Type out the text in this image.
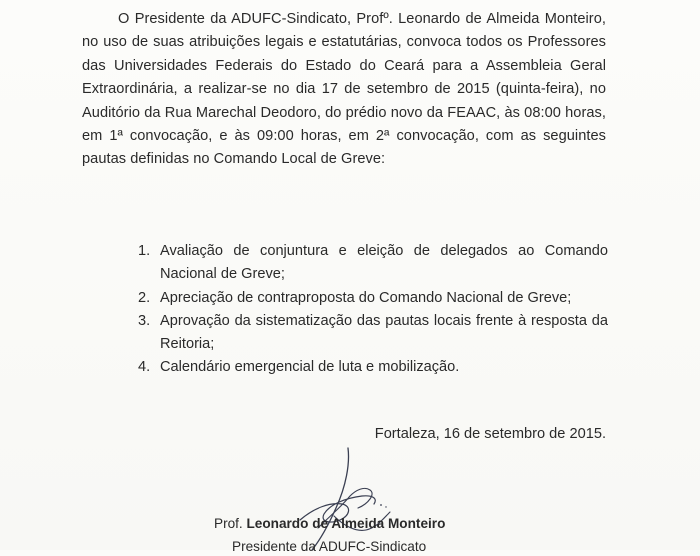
O Presidente da ADUFC-Sindicato, Profº. Leonardo de Almeida Monteiro, no uso de suas atribuições legais e estatutárias, convoca todos os Professores das Universidades Federais do Estado do Ceará para a Assembleia Geral Extraordinária, a realizar-se no dia 17 de setembro de 2015 (quinta-feira), no Auditório da Rua Marechal Deodoro, do prédio novo da FEAAC, às 08:00 horas, em 1ª convocação, e às 09:00 horas, em 2ª convocação, com as seguintes pautas definidas no Comando Local de Greve:

1. Avaliação de conjuntura e eleição de delegados ao Comando Nacional de Greve;
2. Apreciação de contraproposta do Comando Nacional de Greve;
3. Aprovação da sistematização das pautas locais frente à resposta da Reitoria;
4. Calendário emergencial de luta e mobilização.
Fortaleza, 16 de setembro de 2015.
Prof. Leonardo de Almeida Monteiro
Presidente da ADUFC-Sindicato
